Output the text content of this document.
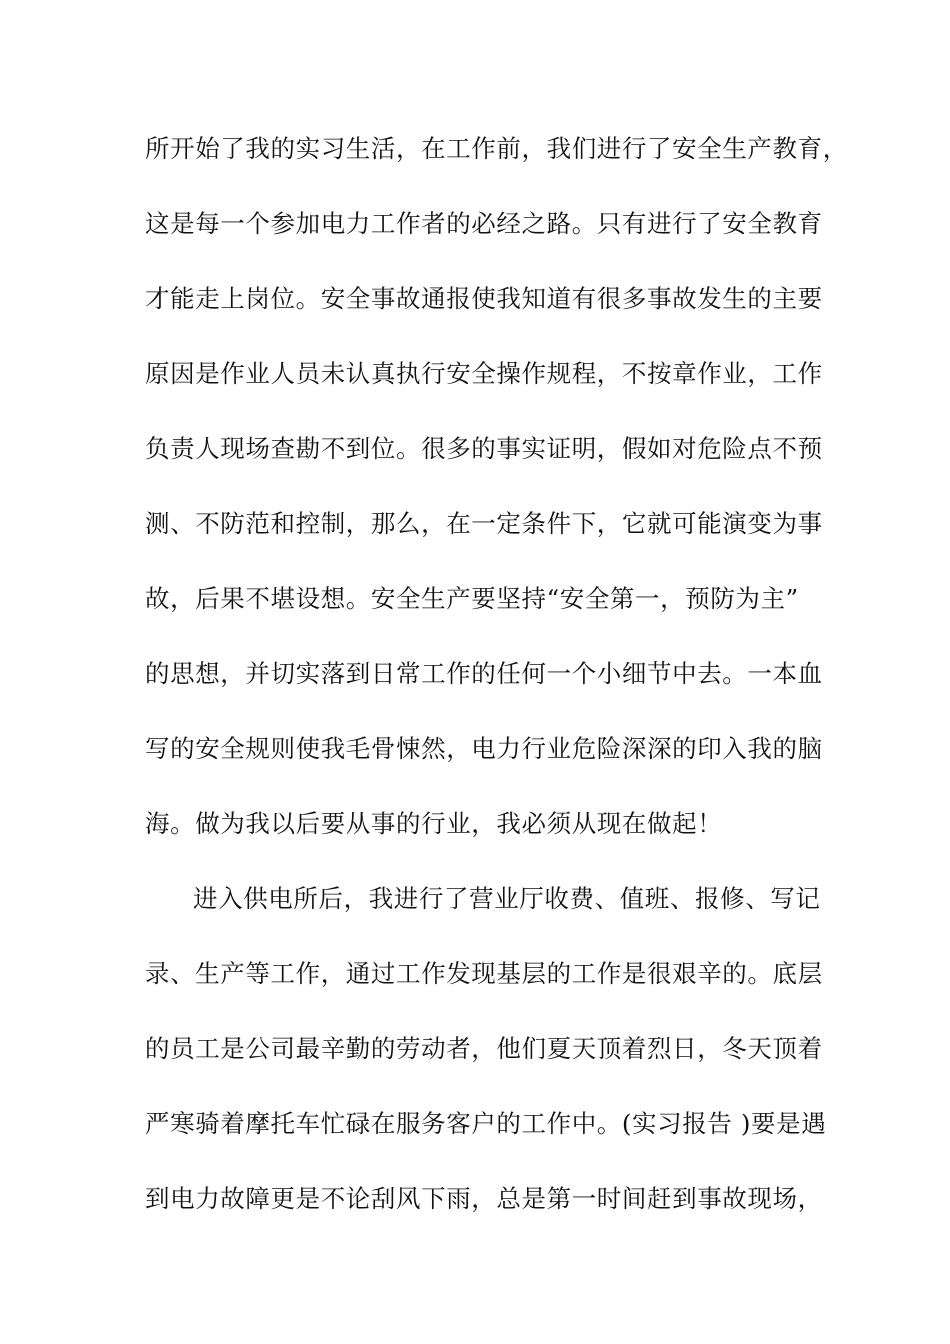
所开始了我的实习生活，在工作前，我们进行了安全生产教育，
这是每一个参加电力工作者的必经之路。只有进行了安全教育
才能走上岗位。安全事故通报使我知道有很多事故发生的主要
原因是作业人员未认真执行安全操作规程，不按章作业，工作
负责人现场查勘不到位。很多的事实证明，假如对危险点不预
测、不防范和控制，那么，在一定条件下，它就可能演变为事
故，后果不堪设想。安全生产要坚持“安全第一，预防为主”
的思想，并切实落到日常工作的任何一个小细节中去。一本血
写的安全规则使我毛骨悚然，电力行业危险深深的印入我的脑
海。做为我以后要从事的行业，我必须从现在做起！
进入供电所后，我进行了营业厅收费、值班、报修、写记
录、生产等工作，通过工作发现基层的工作是很艰辛的。底层
的员工是公司最辛勤的劳动者，他们夏天顶着烈日，冬天顶着
严寒骑着摩托车忙碌在服务客户的工作中。(实习报告 )要是遇
到电力故障更是不论刮风下雨，总是第一时间赶到事故现场，
